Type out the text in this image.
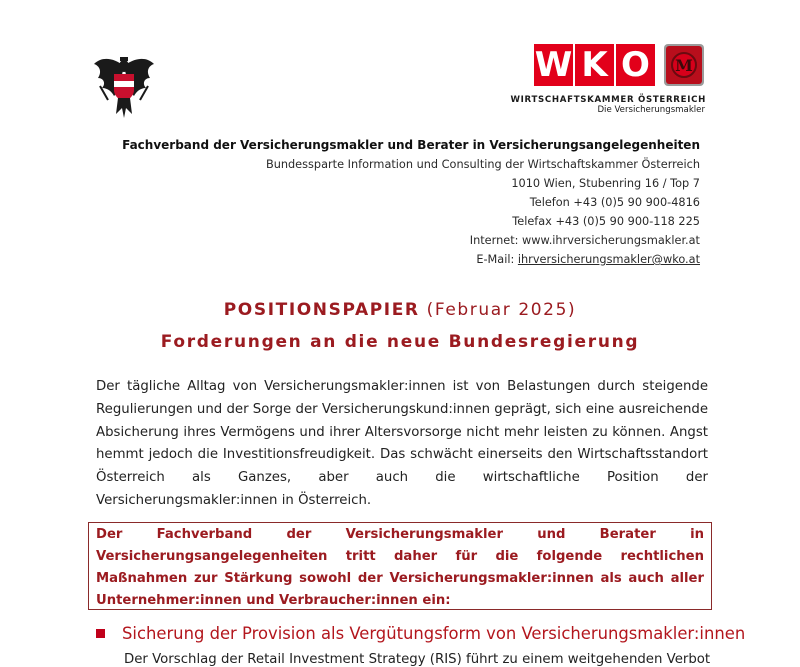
W K O	M
WIRTSCHAFTSKAMMER ÖSTERREICH
Die Versicherungsmakler
Fachverband der Versicherungsmakler und Berater in Versicherungsangelegenheiten
Bundessparte Information und Consulting der Wirtschaftskammer Österreich
1010 Wien, Stubenring 16 / Top 7
Telefon +43 (0)5 90 900-4816
Telefax +43 (0)5 90 900-118 225
Internet: www.ihrversicherungsmakler.at
E-Mail: ihrversicherungsmakler@wko.at
POSITIONSPAPIER (Februar 2025)
Forderungen an die neue Bundesregierung
Der tägliche Alltag von Versicherungsmakler:innen ist von Belastungen durch steigende Regulierungen und der Sorge der Versicherungskund:innen geprägt, sich eine ausreichende Absicherung ihres Vermögens und ihrer Altersvorsorge nicht mehr leisten zu können. Angst hemmt jedoch die Investitionsfreudigkeit. Das schwächt einerseits den Wirtschaftsstandort Österreich als Ganzes, aber auch die wirtschaftliche Position der Versicherungsmakler:innen in Österreich.
Der Fachverband der Versicherungsmakler und Berater in Versicherungsangelegenheiten tritt daher für die folgende rechtlichen Maßnahmen zur Stärkung sowohl der Versicherungsmakler:innen als auch aller Unternehmer:innen und Verbraucher:innen ein:
Sicherung der Provision als Vergütungsform von Versicherungsmakler:innen
Der Vorschlag der Retail Investment Strategy (RIS) führt zu einem weitgehenden Verbot
